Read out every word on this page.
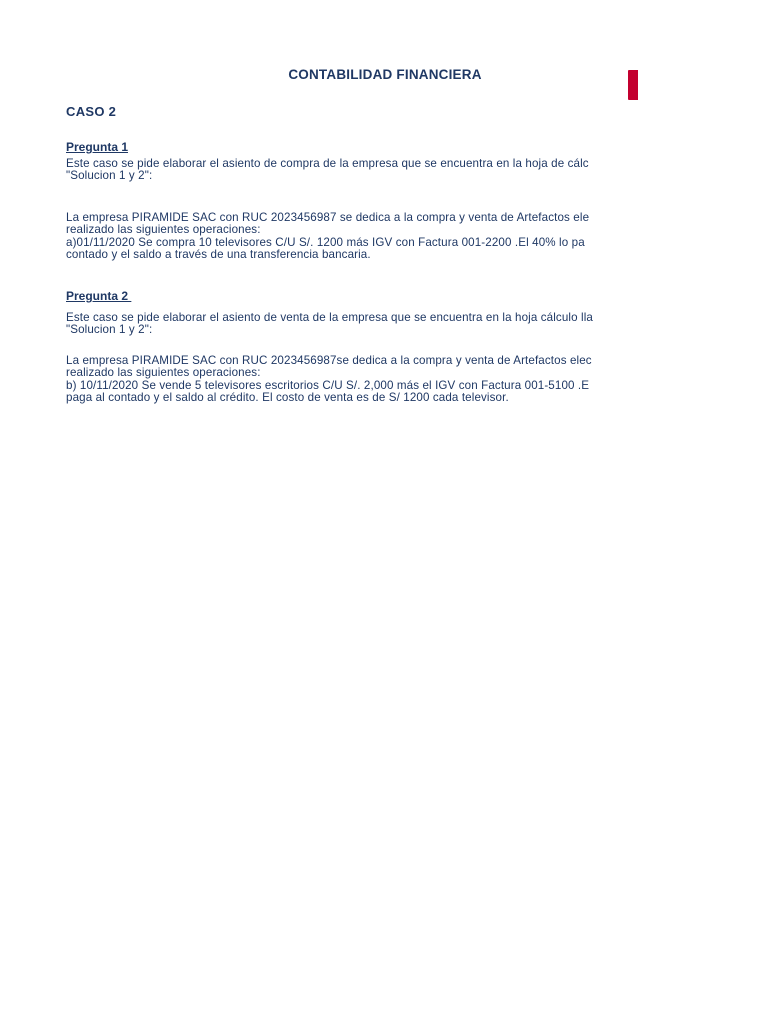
CONTABILIDAD FINANCIERA
CASO 2
Pregunta 1
Este caso se pide elaborar el asiento de compra de la empresa que se encuentra en la hoja de cálc
"Solucion 1 y 2":
La empresa PIRAMIDE SAC con RUC 2023456987 se dedica a la compra y venta de Artefactos ele
realizado las siguientes operaciones:
a)01/11/2020 Se compra 10 televisores C/U S/. 1200 más IGV con Factura 001-2200 .El 40% lo pa
contado y el saldo a través de una transferencia bancaria.
Pregunta 2
Este caso se pide elaborar el asiento de venta de la empresa que se encuentra en la hoja cálculo lla
"Solucion 1 y 2":
La empresa PIRAMIDE SAC con RUC 2023456987se dedica a la compra y venta de Artefactos elec
realizado las siguientes operaciones:
b) 10/11/2020 Se vende 5 televisores escritorios C/U S/. 2,000 más el IGV con Factura 001-5100 .E
paga al contado y el saldo al crédito. El costo de venta es de S/ 1200 cada televisor.
